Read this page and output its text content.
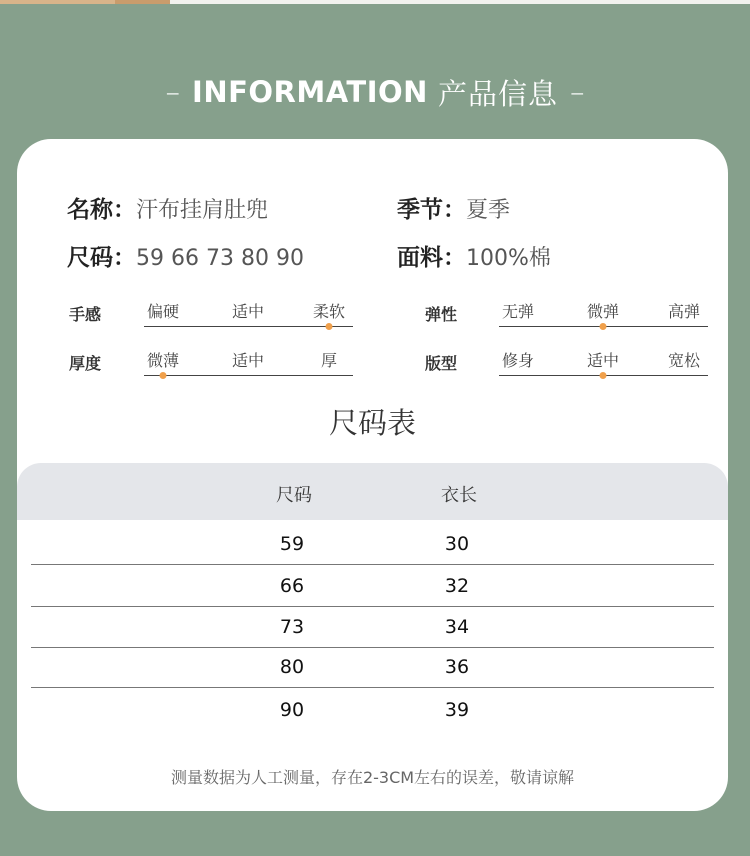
– INFORMATION 产品信息 –
名称：汗布挂肩肚兜	季节：夏季
尺码：59 66 73 80 90	面料：100%棉
手感	偏硬	适中	柔软	弹性	无弹	微弹	高弹
厚度	微薄	适中	厚	版型	修身	适中	宽松
尺码表
尺码	衣长
59	30
66	32
73	34
80	36
90	39
测量数据为人工测量，存在2-3CM左右的误差，敬请谅解
